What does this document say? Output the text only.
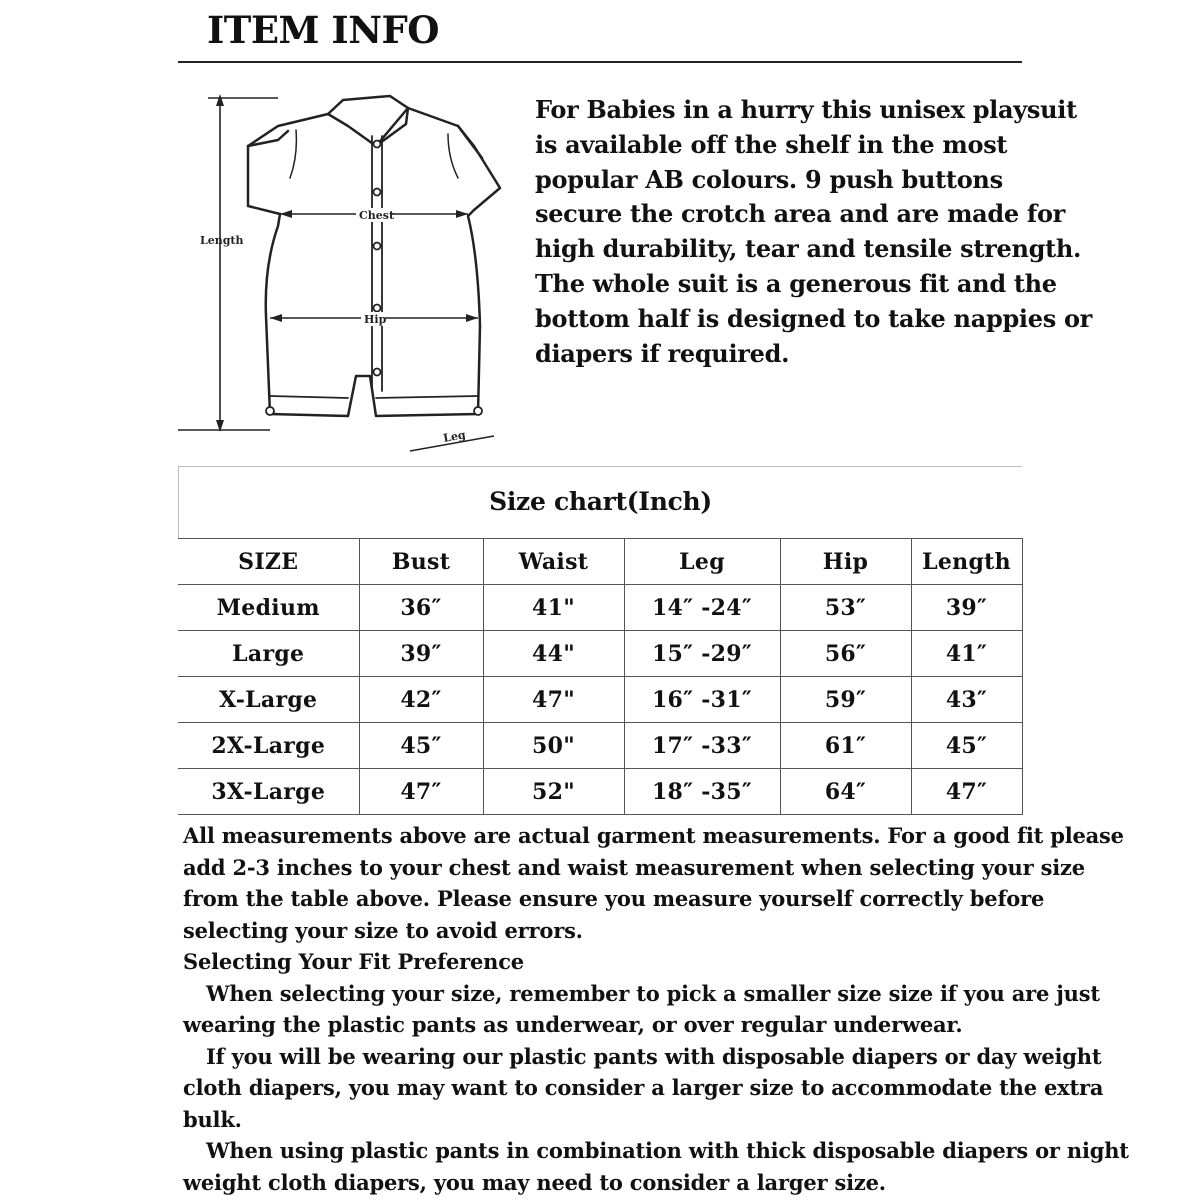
ITEM INFO
Length
Chest
Hip
Leg
For Babies in a hurry this unisex playsuit
is available off the shelf in the most
popular AB colours. 9 push buttons
secure the crotch area and are made for
high durability, tear and tensile strength.
The whole suit is a generous fit and the
bottom half is designed to take nappies or
diapers if required.
Size chart(Inch)
SIZE	Bust	Waist	Leg	Hip	Length
Medium	36″	41"	14″ -24″	53″	39″
Large	39″	44"	15″ -29″	56″	41″
X-Large	42″	47"	16″ -31″	59″	43″
2X-Large	45″	50"	17″ -33″	61″	45″
3X-Large	47″	52"	18″ -35″	64″	47″
All measurements above are actual garment measurements. For a good fit please
add 2-3 inches to your chest and waist measurement when selecting your size
from the table above. Please ensure you measure yourself correctly before
selecting your size to avoid errors.
Selecting Your Fit Preference
When selecting your size, remember to pick a smaller size size if you are just
wearing the plastic pants as underwear, or over regular underwear.
If you will be wearing our plastic pants with disposable diapers or day weight
cloth diapers, you may want to consider a larger size to accommodate the extra
bulk.
When using plastic pants in combination with thick disposable diapers or night
weight cloth diapers, you may need to consider a larger size.
